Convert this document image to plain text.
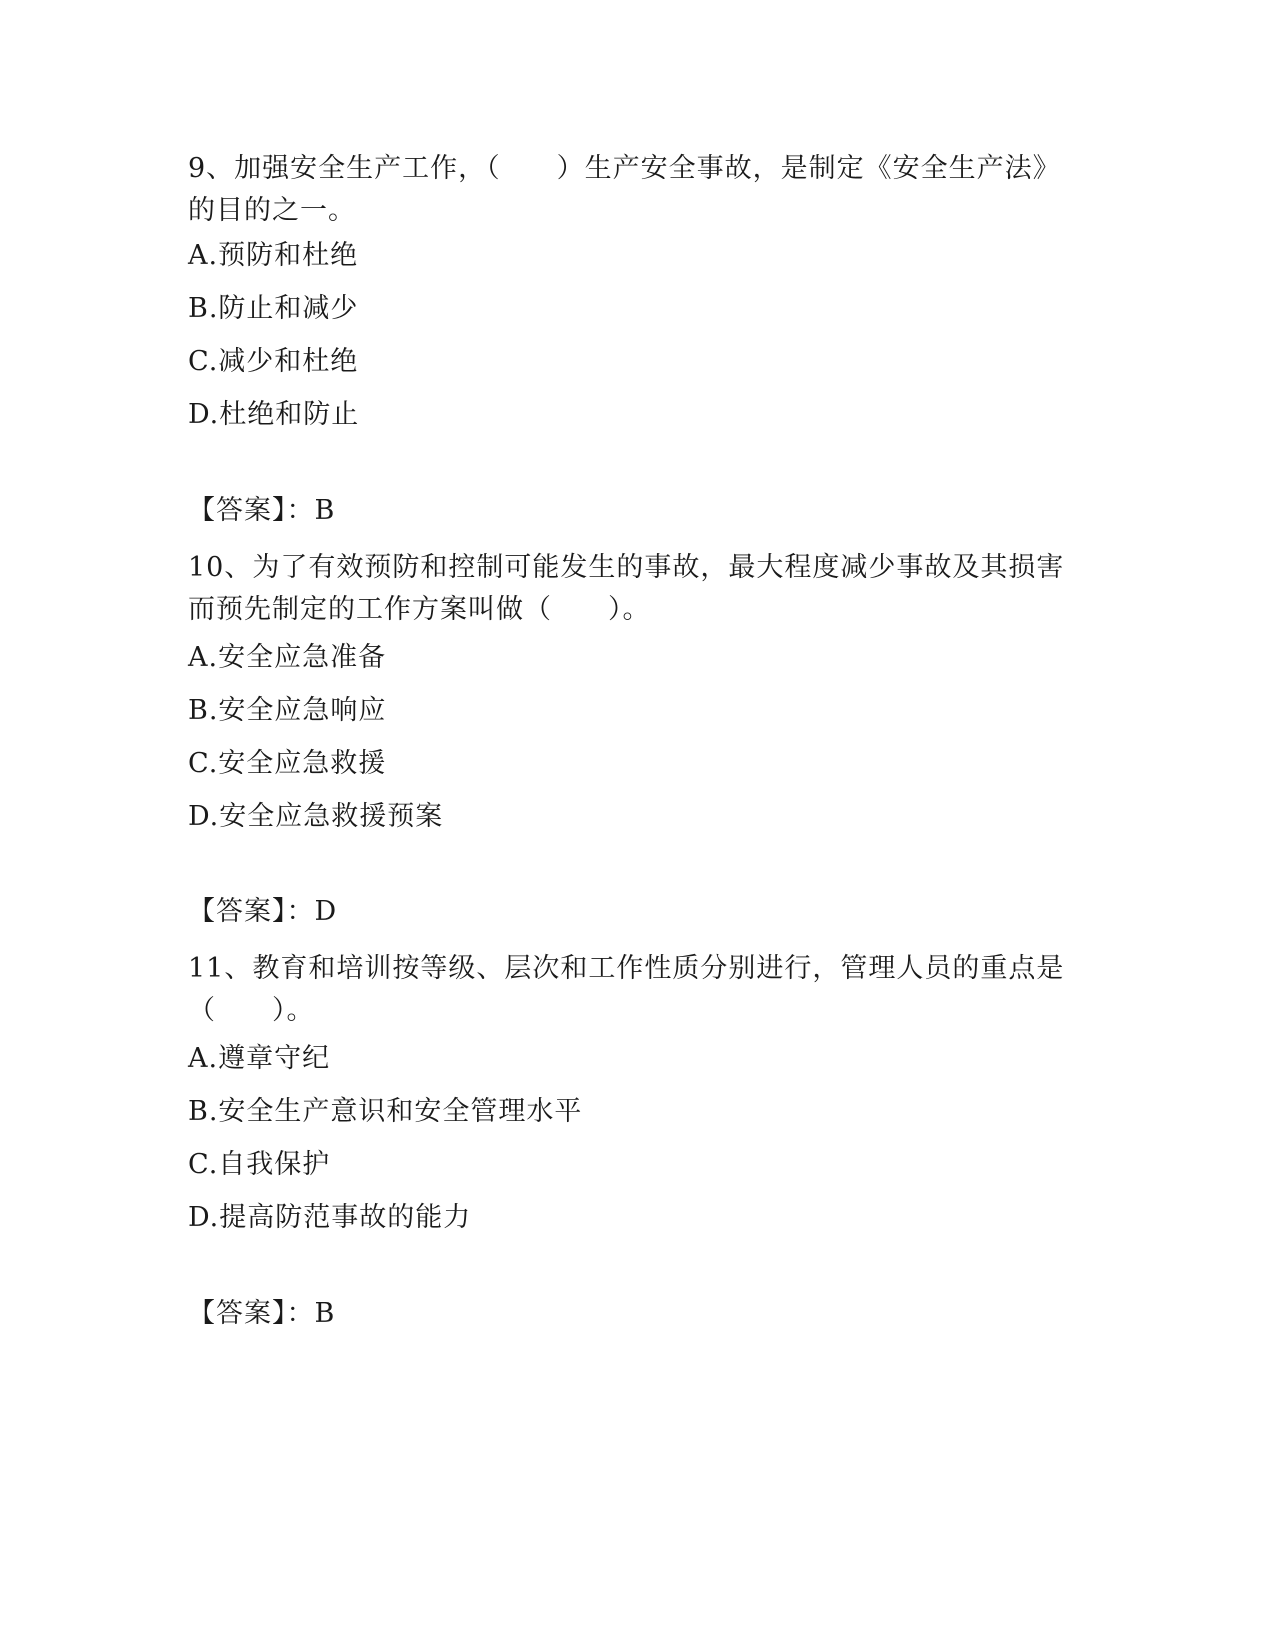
9、加强安全生产工作，（　　）生产安全事故，是制定《安全生产法》的目的之一。
A.预防和杜绝
B.防止和减少
C.减少和杜绝
D.杜绝和防止
【答案】：B
10、为了有效预防和控制可能发生的事故，最大程度减少事故及其损害而预先制定的工作方案叫做（　　）。
A.安全应急准备
B.安全应急响应
C.安全应急救援
D.安全应急救援预案
【答案】：D
11、教育和培训按等级、层次和工作性质分别进行，管理人员的重点是（　　）。
A.遵章守纪
B.安全生产意识和安全管理水平
C.自我保护
D.提高防范事故的能力
【答案】：B
